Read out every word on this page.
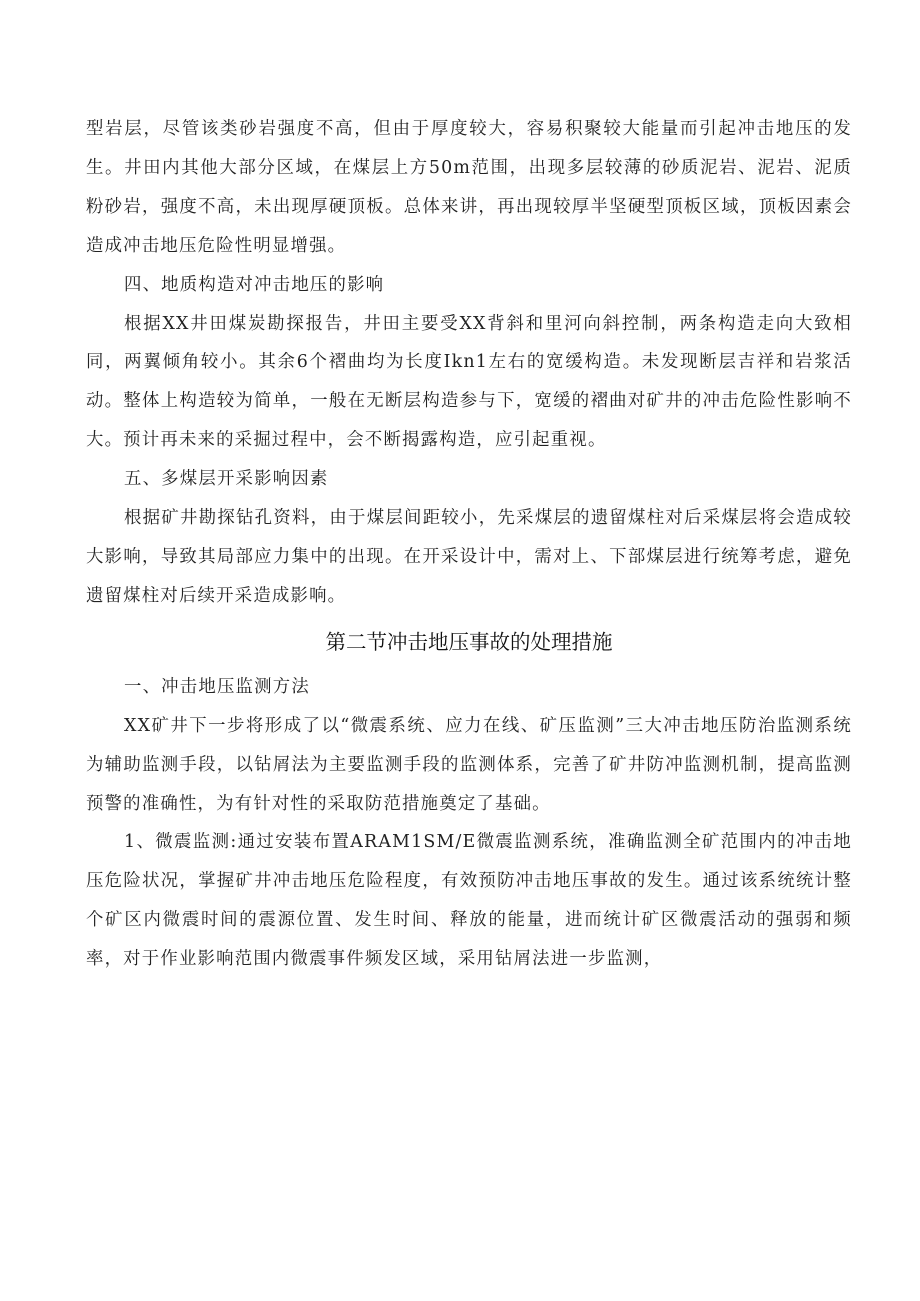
型岩层，尽管该类砂岩强度不高，但由于厚度较大，容易积聚较大能量而引起冲击地压的发生。井田内其他大部分区域，在煤层上方50m范围，出现多层较薄的砂质泥岩、泥岩、泥质粉砂岩，强度不高，未出现厚硬顶板。总体来讲，再出现较厚半坚硬型顶板区域，顶板因素会造成冲击地压危险性明显增强。

四、地质构造对冲击地压的影响

根据XX井田煤炭勘探报告，井田主要受XX背斜和里河向斜控制，两条构造走向大致相同，两翼倾角较小。其余6个褶曲均为长度Ikn1左右的宽缓构造。未发现断层吉祥和岩浆活动。整体上构造较为简单，一般在无断层构造参与下，宽缓的褶曲对矿井的冲击危险性影响不大。预计再未来的采掘过程中，会不断揭露构造，应引起重视。

五、多煤层开采影响因素

根据矿井勘探钻孔资料，由于煤层间距较小，先采煤层的遗留煤柱对后采煤层将会造成较大影响，导致其局部应力集中的出现。在开采设计中，需对上、下部煤层进行统筹考虑，避免遗留煤柱对后续开采造成影响。

第二节冲击地压事故的处理措施

一、冲击地压监测方法

XX矿井下一步将形成了以“微震系统、应力在线、矿压监测”三大冲击地压防治监测系统为辅助监测手段，以钻屑法为主要监测手段的监测体系，完善了矿井防冲监测机制，提高监测预警的准确性，为有针对性的采取防范措施奠定了基础。

1、微震监测:通过安装布置ARAM1SM/E微震监测系统，准确监测全矿范围内的冲击地压危险状况，掌握矿井冲击地压危险程度，有效预防冲击地压事故的发生。通过该系统统计整个矿区内微震时间的震源位置、发生时间、释放的能量，进而统计矿区微震活动的强弱和频率，对于作业影响范围内微震事件频发区域，采用钻屑法进一步监测，
